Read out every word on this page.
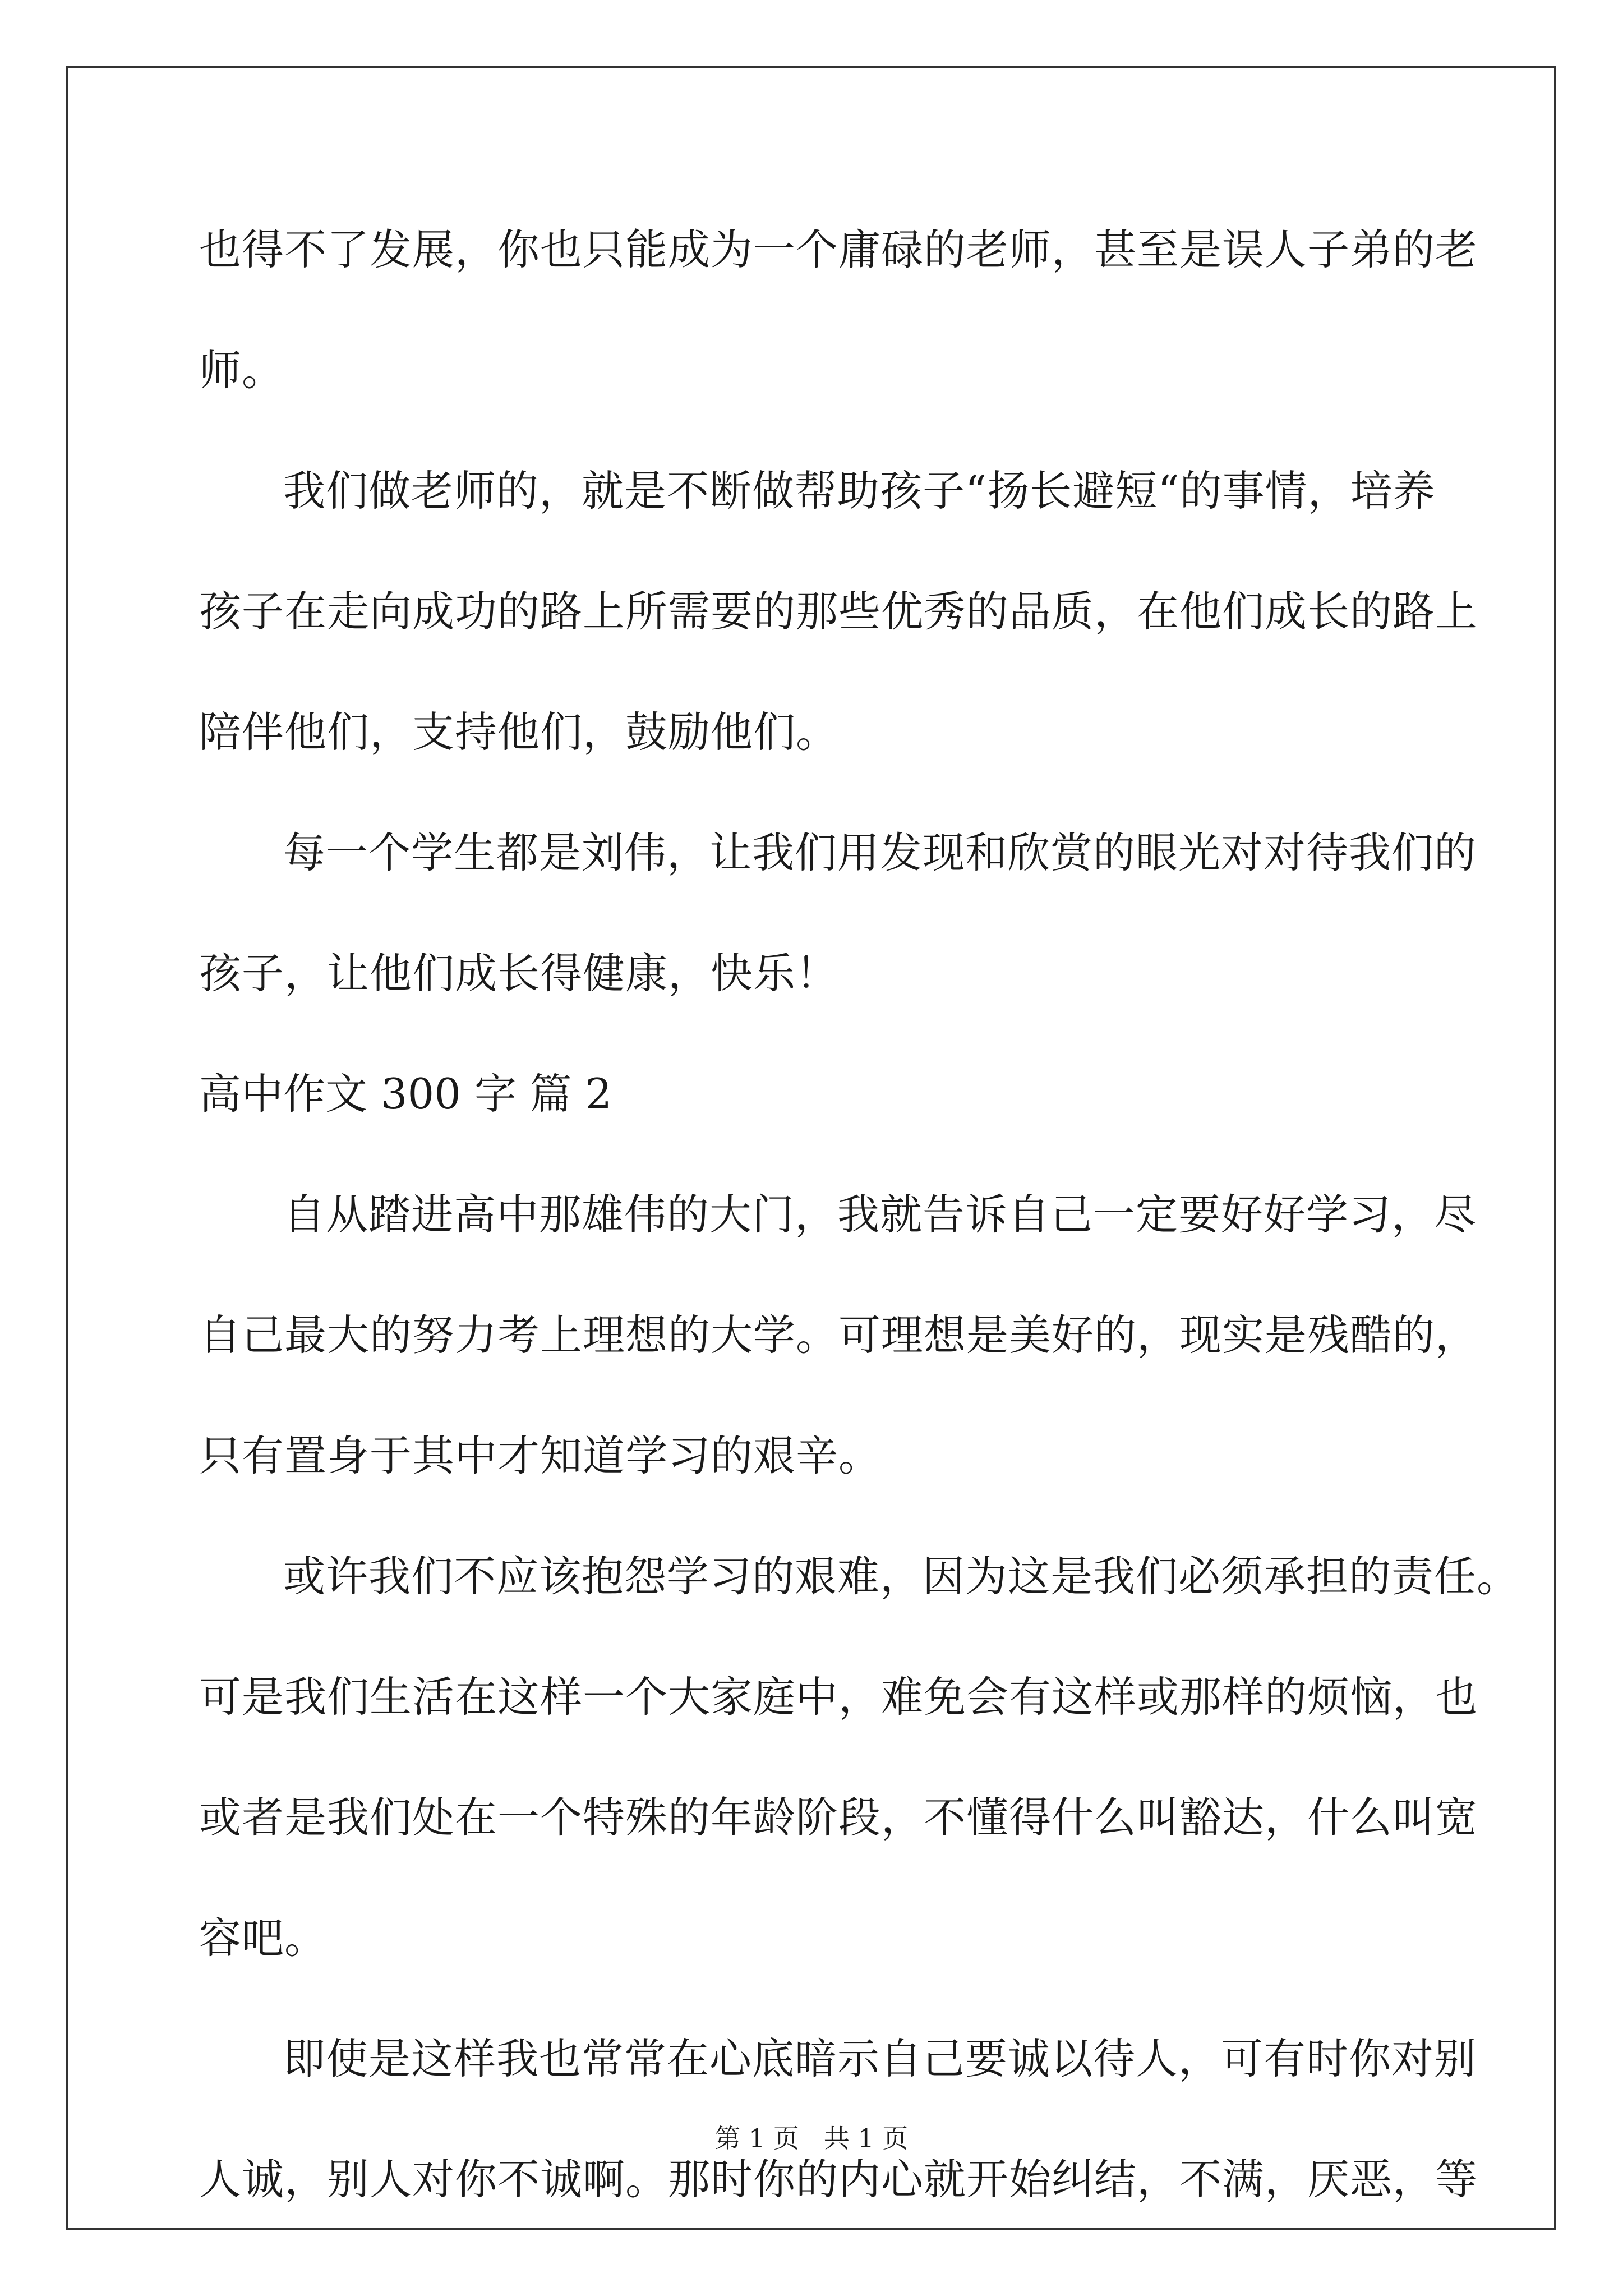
也得不了发展，你也只能成为一个庸碌的老师，甚至是误人子弟的老
师。
我们做老师的，就是不断做帮助孩子“扬长避短“的事情，培养
孩子在走向成功的路上所需要的那些优秀的品质，在他们成长的路上
陪伴他们，支持他们，鼓励他们。
每一个学生都是刘伟，让我们用发现和欣赏的眼光对对待我们的
孩子，让他们成长得健康，快乐！
高中作文 300 字 篇 2
自从踏进高中那雄伟的大门，我就告诉自己一定要好好学习，尽
自己最大的努力考上理想的大学。可理想是美好的，现实是残酷的，
只有置身于其中才知道学习的艰辛。
或许我们不应该抱怨学习的艰难，因为这是我们必须承担的责任。
可是我们生活在这样一个大家庭中，难免会有这样或那样的烦恼，也
或者是我们处在一个特殊的年龄阶段，不懂得什么叫豁达，什么叫宽
容吧。
即使是这样我也常常在心底暗示自己要诚以待人，可有时你对别
人诚，别人对你不诚啊。那时你的内心就开始纠结，不满，厌恶，等
第 1 页   共 1 页
